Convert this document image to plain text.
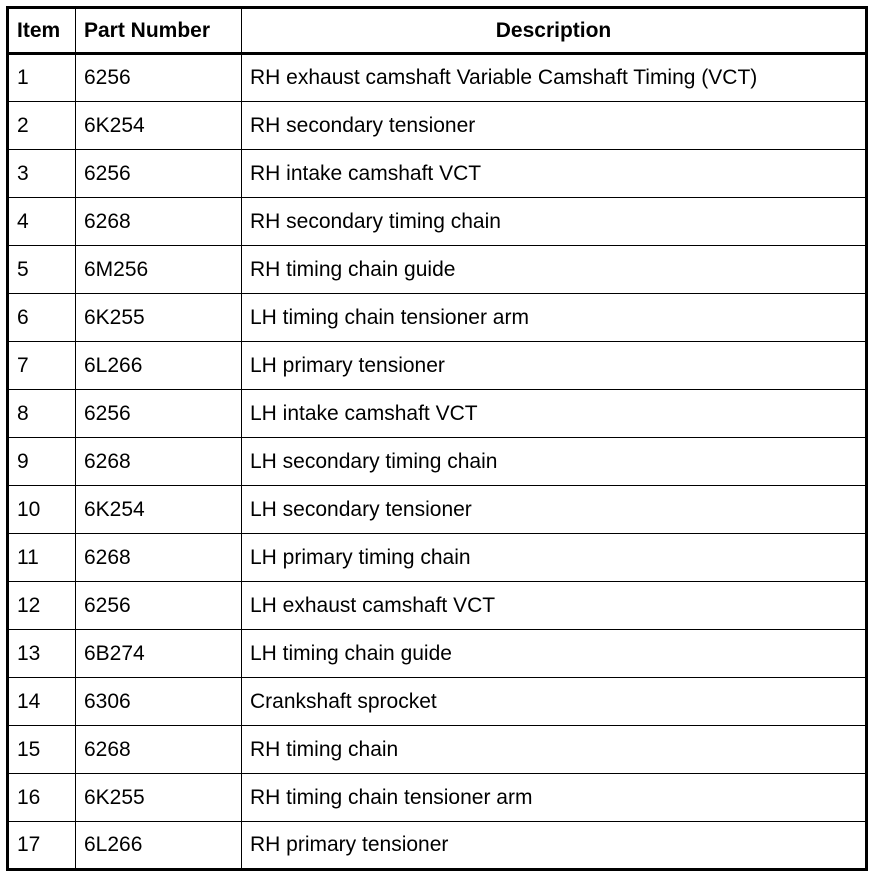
Item	Part Number	Description
1	6256	RH exhaust camshaft Variable Camshaft Timing (VCT)
2	6K254	RH secondary tensioner
3	6256	RH intake camshaft VCT
4	6268	RH secondary timing chain
5	6M256	RH timing chain guide
6	6K255	LH timing chain tensioner arm
7	6L266	LH primary tensioner
8	6256	LH intake camshaft VCT
9	6268	LH secondary timing chain
10	6K254	LH secondary tensioner
11	6268	LH primary timing chain
12	6256	LH exhaust camshaft VCT
13	6B274	LH timing chain guide
14	6306	Crankshaft sprocket
15	6268	RH timing chain
16	6K255	RH timing chain tensioner arm
17	6L266	RH primary tensioner
